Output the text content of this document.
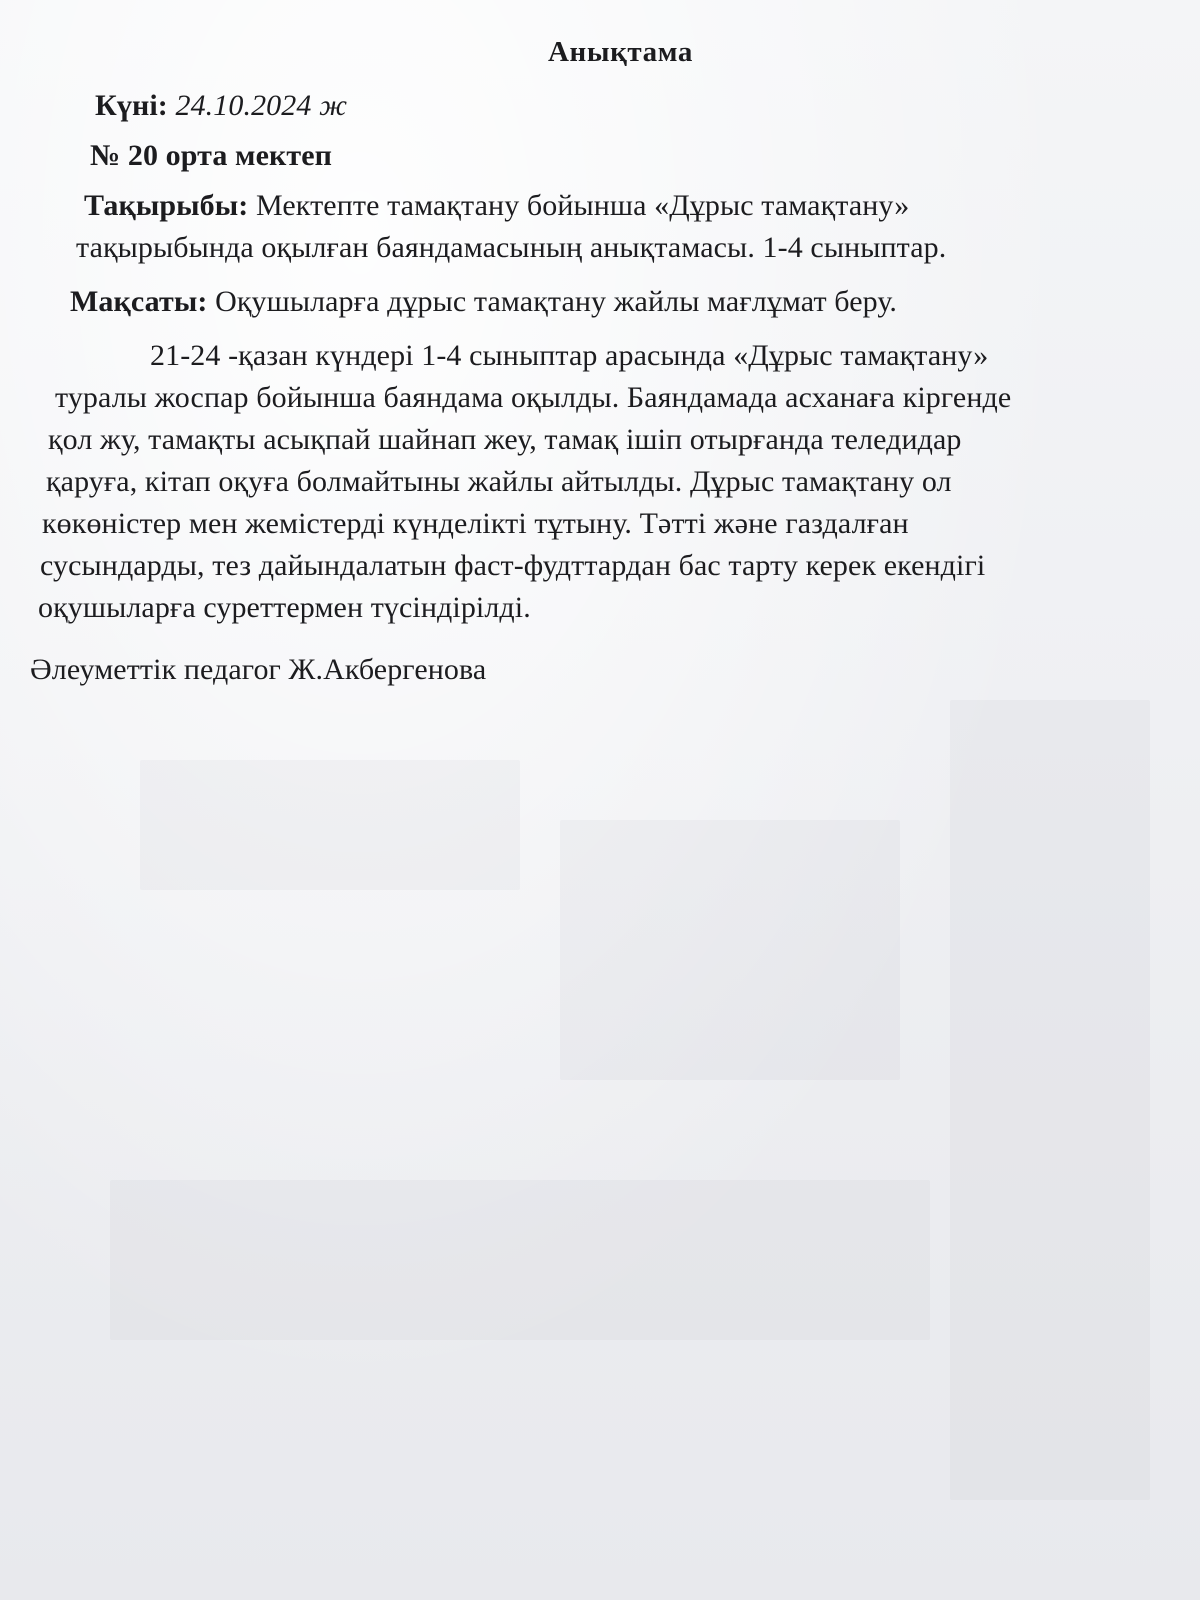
Анықтама
Күні: 24.10.2024 ж
№ 20 орта мектеп
Тақырыбы: Мектепте тамақтану бойынша «Дұрыс тамақтану»
тақырыбында оқылған баяндамасының анықтамасы. 1-4 сыныптар.
Мақсаты: Оқушыларға дұрыс тамақтану жайлы мағлұмат беру.
21-24 -қазан күндері 1-4 сыныптар арасында «Дұрыс тамақтану»
туралы жоспар бойынша баяндама оқылды. Баяндамада асханаға кіргенде
қол жу, тамақты асықпай шайнап жеу, тамақ ішіп отырғанда теледидар
қаруға, кітап оқуға болмайтыны жайлы айтылды. Дұрыс тамақтану ол
көкөністер мен жемістерді күнделікті тұтыну. Тәтті және газдалған
сусындарды, тез дайындалатын фаст-фудттардан бас тарту керек екендігі
оқушыларға суреттермен түсіндірілді.
Әлеуметтік педагог Ж.Акбергенова
